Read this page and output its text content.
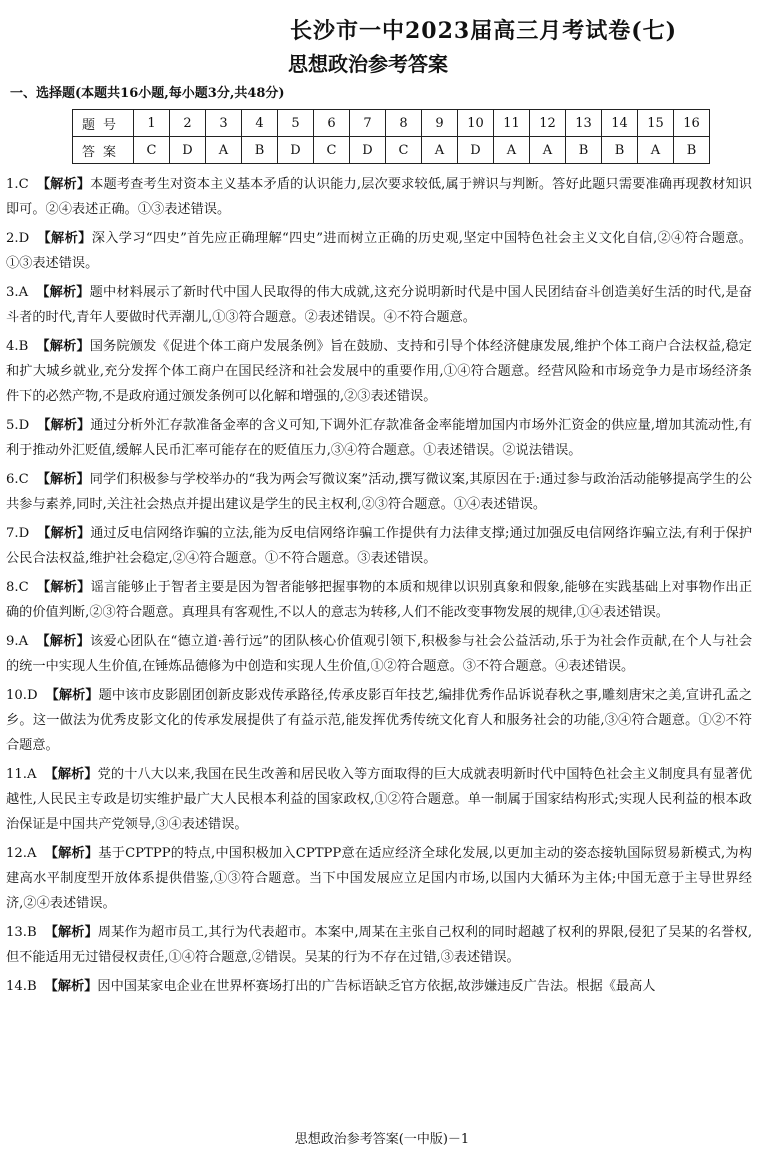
长沙市一中2023届高三月考试卷(七)
思想政治参考答案
一、选择题(本题共16小题,每小题3分,共48分)
题号	1	2	3	4	5	6	7	8	9	10	11	12	13	14	15	16
答案	C	D	A	B	D	C	D	C	A	D	A	A	B	B	A	B
1.C 【解析】本题考查考生对资本主义基本矛盾的认识能力,层次要求较低,属于辨识与判断。答好此题只需要准确再现教材知识即可。②④表述正确。①③表述错误。
2.D 【解析】深入学习“四史”首先应正确理解“四史”进而树立正确的历史观,坚定中国特色社会主义文化自信,②④符合题意。①③表述错误。
3.A 【解析】题中材料展示了新时代中国人民取得的伟大成就,这充分说明新时代是中国人民团结奋斗创造美好生活的时代,是奋斗者的时代,青年人要做时代弄潮儿,①③符合题意。②表述错误。④不符合题意。
4.B 【解析】国务院颁发《促进个体工商户发展条例》旨在鼓励、支持和引导个体经济健康发展,维护个体工商户合法权益,稳定和扩大城乡就业,充分发挥个体工商户在国民经济和社会发展中的重要作用,①④符合题意。经营风险和市场竞争力是市场经济条件下的必然产物,不是政府通过颁发条例可以化解和增强的,②③表述错误。
5.D 【解析】通过分析外汇存款准备金率的含义可知,下调外汇存款准备金率能增加国内市场外汇资金的供应量,增加其流动性,有利于推动外汇贬值,缓解人民币汇率可能存在的贬值压力,③④符合题意。①表述错误。②说法错误。
6.C 【解析】同学们积极参与学校举办的“我为两会写微议案”活动,撰写微议案,其原因在于:通过参与政治活动能够提高学生的公共参与素养,同时,关注社会热点并提出建议是学生的民主权利,②③符合题意。①④表述错误。
7.D 【解析】通过反电信网络诈骗的立法,能为反电信网络诈骗工作提供有力法律支撑;通过加强反电信网络诈骗立法,有利于保护公民合法权益,维护社会稳定,②④符合题意。①不符合题意。③表述错误。
8.C 【解析】谣言能够止于智者主要是因为智者能够把握事物的本质和规律以识别真象和假象,能够在实践基础上对事物作出正确的价值判断,②③符合题意。真理具有客观性,不以人的意志为转移,人们不能改变事物发展的规律,①④表述错误。
9.A 【解析】该爱心团队在“德立道·善行远”的团队核心价值观引领下,积极参与社会公益活动,乐于为社会作贡献,在个人与社会的统一中实现人生价值,在锤炼品德修为中创造和实现人生价值,①②符合题意。③不符合题意。④表述错误。
10.D 【解析】题中该市皮影剧团创新皮影戏传承路径,传承皮影百年技艺,编排优秀作品诉说春秋之事,雕刻唐宋之美,宣讲孔孟之乡。这一做法为优秀皮影文化的传承发展提供了有益示范,能发挥优秀传统文化育人和服务社会的功能,③④符合题意。①②不符合题意。
11.A 【解析】党的十八大以来,我国在民生改善和居民收入等方面取得的巨大成就表明新时代中国特色社会主义制度具有显著优越性,人民民主专政是切实维护最广大人民根本利益的国家政权,①②符合题意。单一制属于国家结构形式;实现人民利益的根本政治保证是中国共产党领导,③④表述错误。
12.A 【解析】基于CPTPP的特点,中国积极加入CPTPP意在适应经济全球化发展,以更加主动的姿态接轨国际贸易新模式,为构建高水平制度型开放体系提供借鉴,①③符合题意。当下中国发展应立足国内市场,以国内大循环为主体;中国无意于主导世界经济,②④表述错误。
13.B 【解析】周某作为超市员工,其行为代表超市。本案中,周某在主张自己权利的同时超越了权利的界限,侵犯了吴某的名誉权,但不能适用无过错侵权责任,①④符合题意,②错误。吴某的行为不存在过错,③表述错误。
14.B 【解析】因中国某家电企业在世界杯赛场打出的广告标语缺乏官方依据,故涉嫌违反广告法。根据《最高人
思想政治参考答案(一中版)－1
